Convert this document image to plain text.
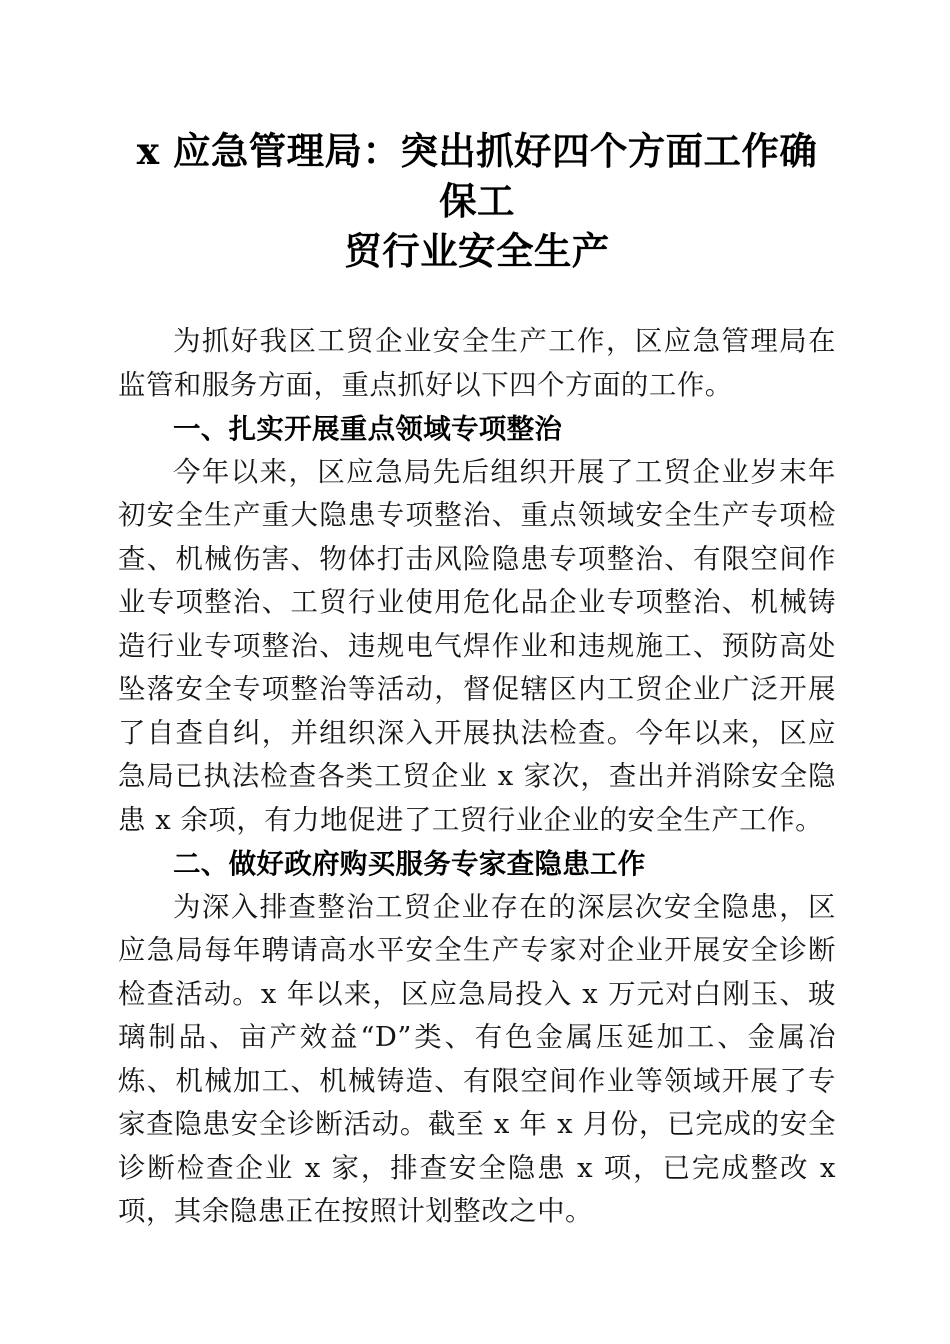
x 应急管理局：突出抓好四个方面工作确保工
贸行业安全生产

为抓好我区工贸企业安全生产工作，区应急管理局在监管和服务方面，重点抓好以下四个方面的工作。

一、扎实开展重点领域专项整治

今年以来，区应急局先后组织开展了工贸企业岁末年初安全生产重大隐患专项整治、重点领域安全生产专项检查、机械伤害、物体打击风险隐患专项整治、有限空间作业专项整治、工贸行业使用危化品企业专项整治、机械铸造行业专项整治、违规电气焊作业和违规施工、预防高处坠落安全专项整治等活动，督促辖区内工贸企业广泛开展了自查自纠，并组织深入开展执法检查。今年以来，区应急局已执法检查各类工贸企业 x 家次，查出并消除安全隐患 x 余项，有力地促进了工贸行业企业的安全生产工作。

二、做好政府购买服务专家查隐患工作

为深入排查整治工贸企业存在的深层次安全隐患，区应急局每年聘请高水平安全生产专家对企业开展安全诊断检查活动。x 年以来，区应急局投入 x 万元对白刚玉、玻璃制品、亩产效益“D”类、有色金属压延加工、金属冶炼、机械加工、机械铸造、有限空间作业等领域开展了专家查隐患安全诊断活动。截至 x 年 x 月份，已完成的安全诊断检查企业 x 家，排查安全隐患 x 项，已完成整改 x 项，其余隐患正在按照计划整改之中。
